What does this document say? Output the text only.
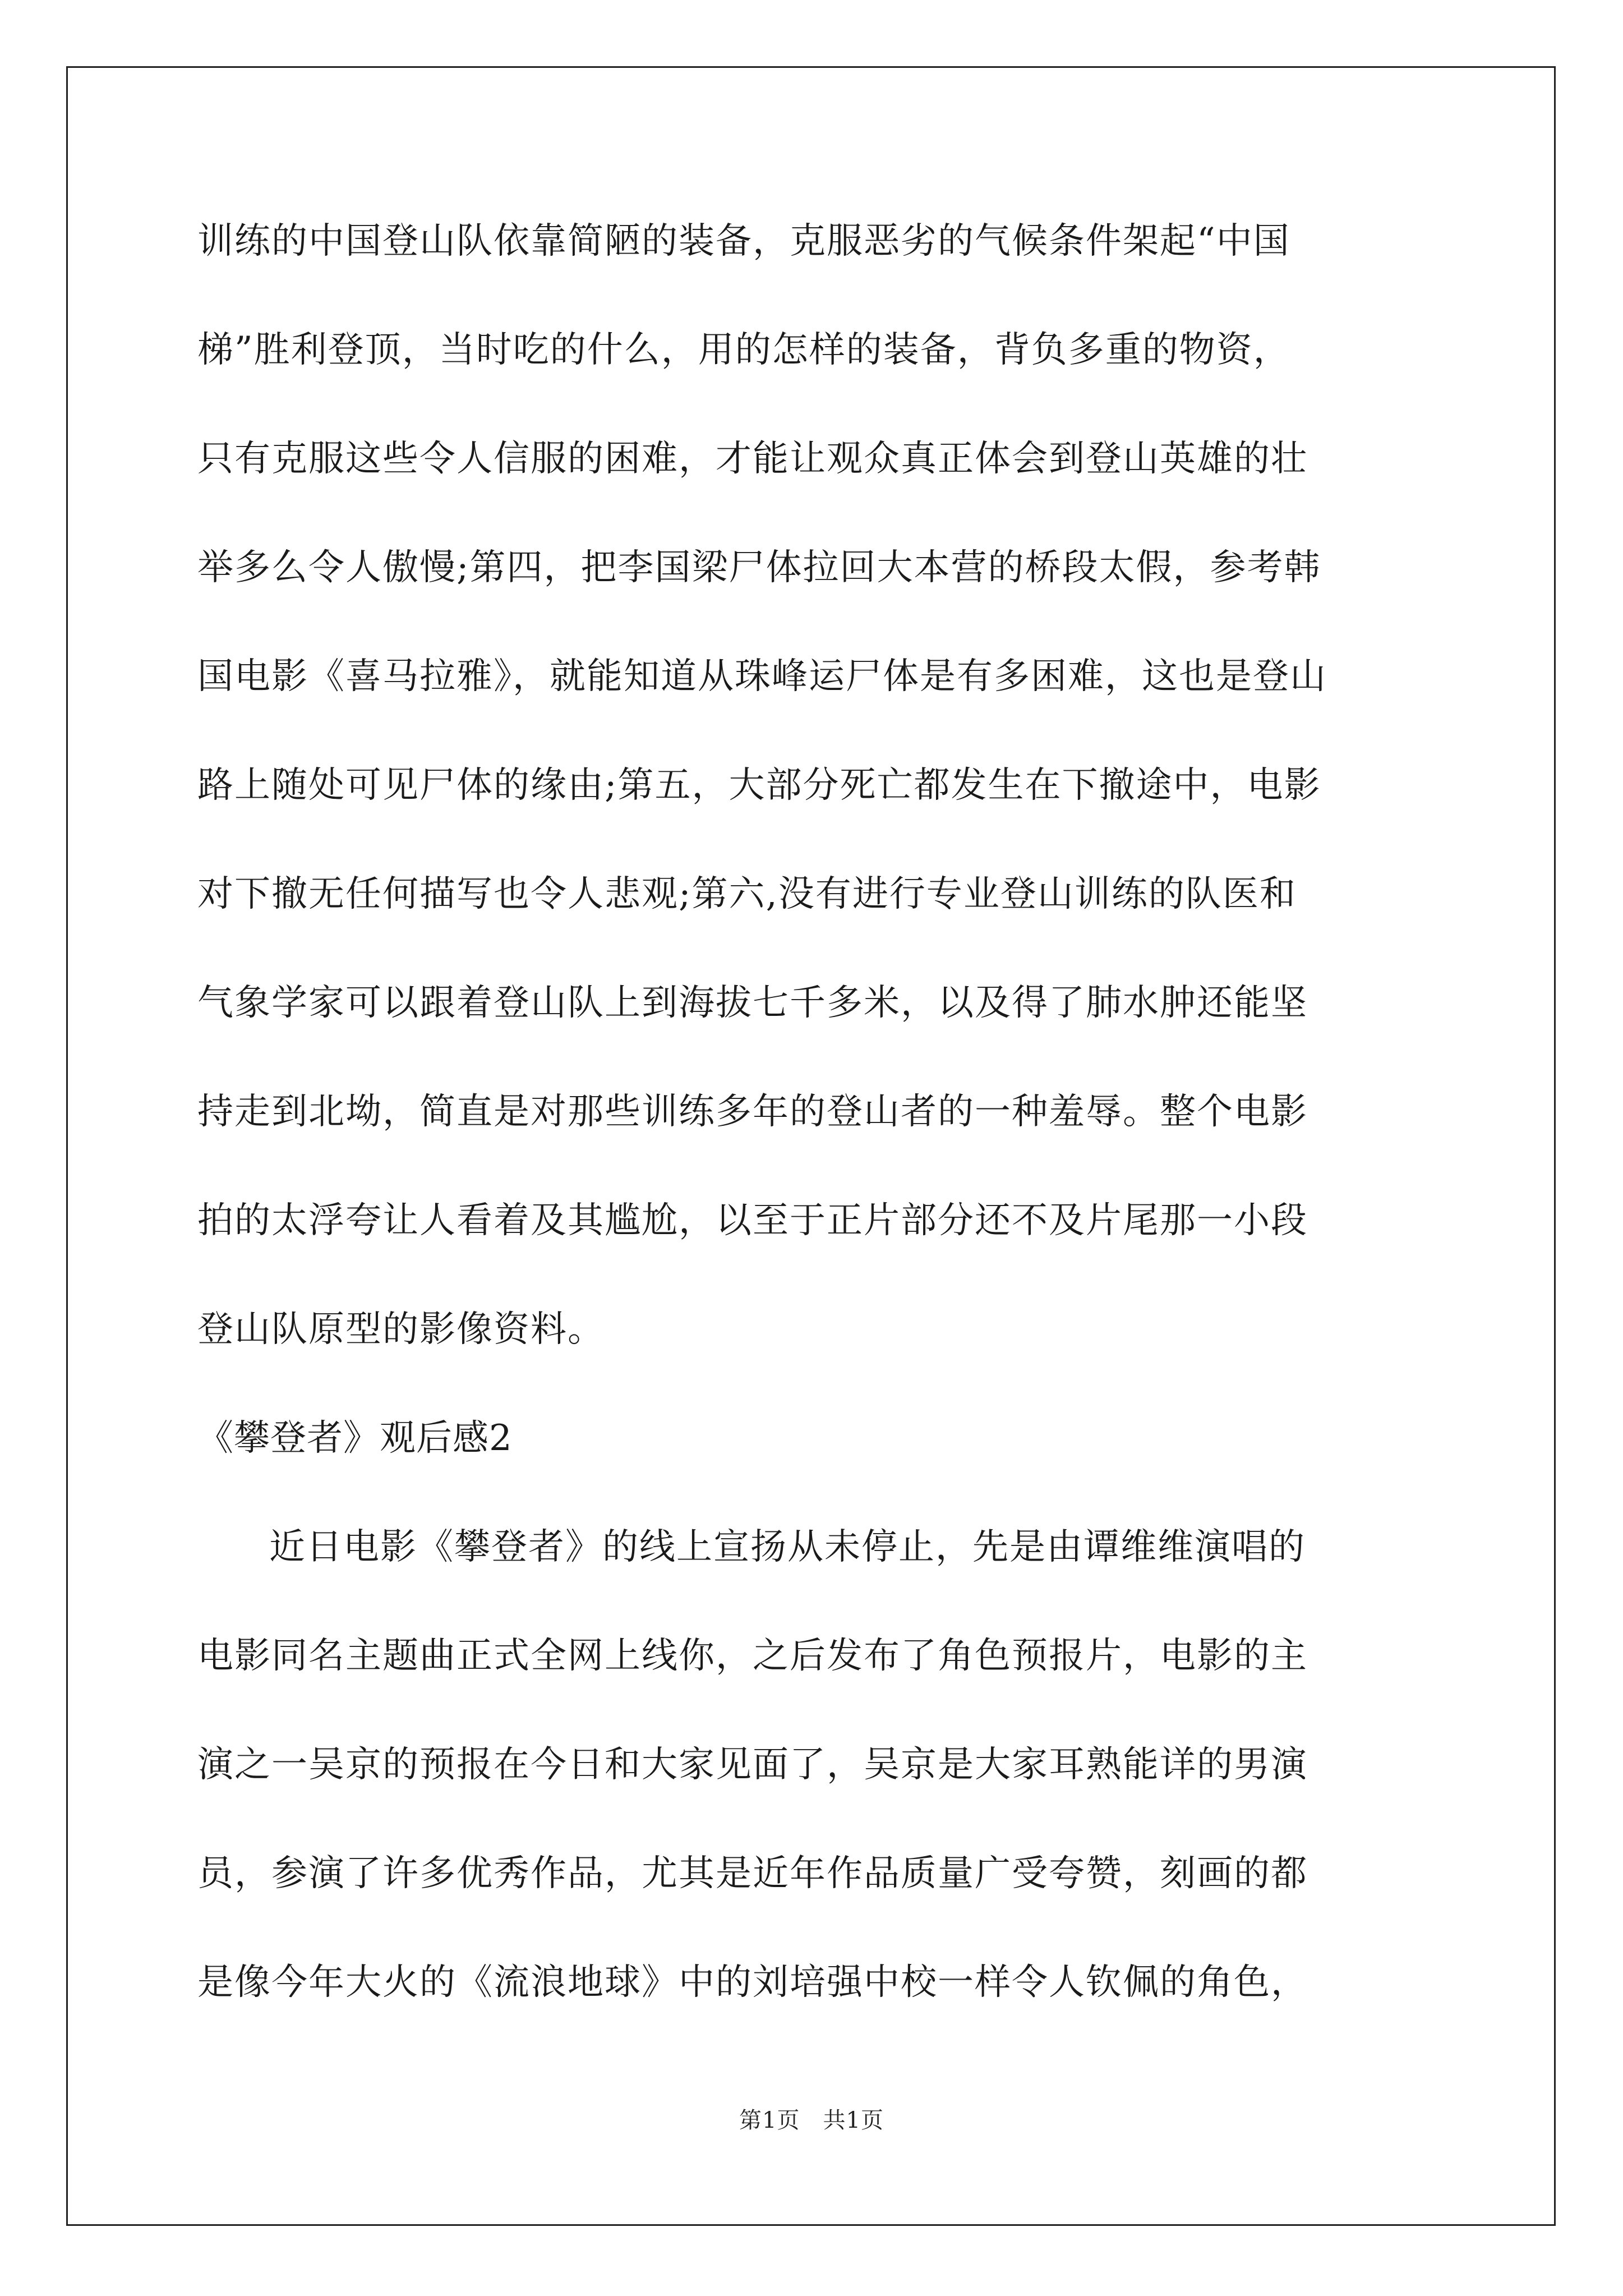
训练的中国登山队依靠简陋的装备，克服恶劣的气候条件架起“中国
梯”胜利登顶，当时吃的什么，用的怎样的装备，背负多重的物资，
只有克服这些令人信服的困难，才能让观众真正体会到登山英雄的壮
举多么令人傲慢;第四，把李国梁尸体拉回大本营的桥段太假，参考韩
国电影《喜马拉雅》，就能知道从珠峰运尸体是有多困难，这也是登山
路上随处可见尸体的缘由;第五，大部分死亡都发生在下撤途中，电影
对下撤无任何描写也令人悲观;第六,没有进行专业登山训练的队医和
气象学家可以跟着登山队上到海拔七千多米，以及得了肺水肿还能坚
持走到北坳，简直是对那些训练多年的登山者的一种羞辱。整个电影
拍的太浮夸让人看着及其尴尬，以至于正片部分还不及片尾那一小段
登山队原型的影像资料。
《攀登者》观后感2
近日电影《攀登者》的线上宣扬从未停止，先是由谭维维演唱的
电影同名主题曲正式全网上线你，之后发布了角色预报片，电影的主
演之一吴京的预报在今日和大家见面了，吴京是大家耳熟能详的男演
员，参演了许多优秀作品，尤其是近年作品质量广受夸赞，刻画的都
是像今年大火的《流浪地球》中的刘培强中校一样令人钦佩的角色，
第1页　共1页
